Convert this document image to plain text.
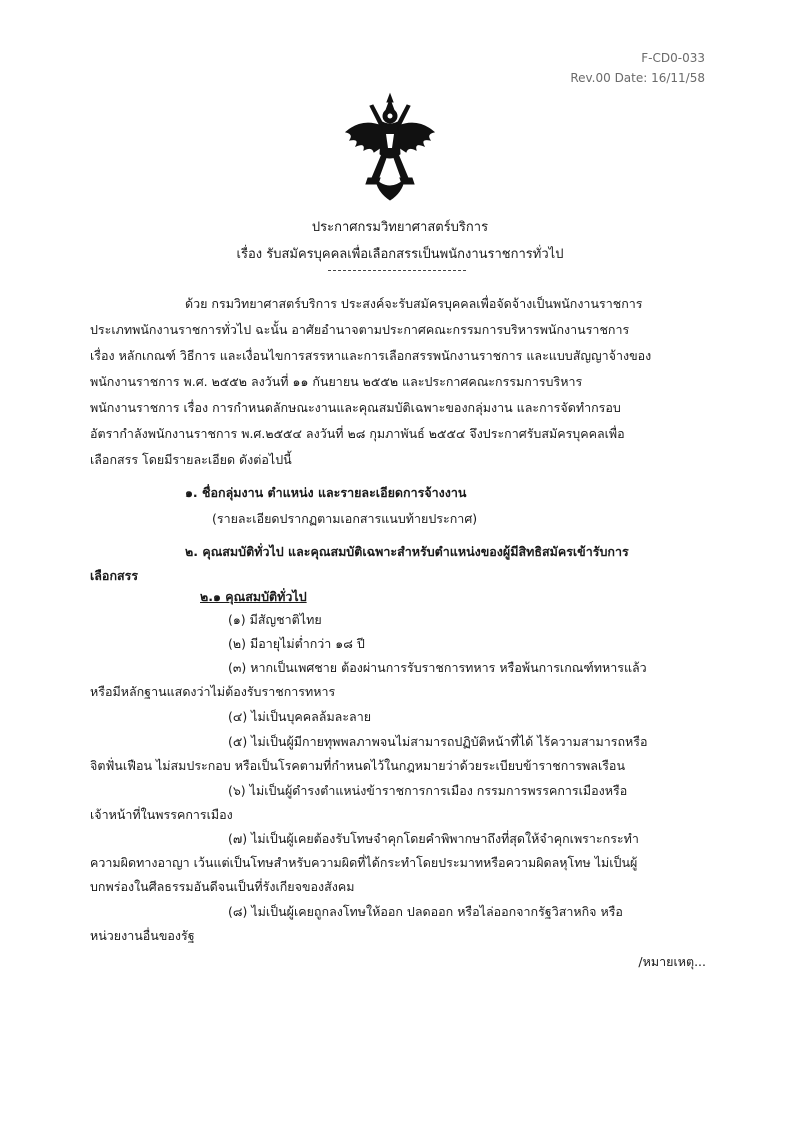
F-CD0-033
Rev.00 Date: 16/11/58
ประกาศกรมวิทยาศาสตร์บริการ
เรื่อง รับสมัครบุคคลเพื่อเลือกสรรเป็นพนักงานราชการทั่วไป
ด้วย กรมวิทยาศาสตร์บริการ ประสงค์จะรับสมัครบุคคลเพื่อจัดจ้างเป็นพนักงานราชการ
ประเภทพนักงานราชการทั่วไป ฉะนั้น อาศัยอำนาจตามประกาศคณะกรรมการบริหารพนักงานราชการ
เรื่อง หลักเกณฑ์ วิธีการ และเงื่อนไขการสรรหาและการเลือกสรรพนักงานราชการ และแบบสัญญาจ้างของ
พนักงานราชการ พ.ศ. ๒๕๕๒ ลงวันที่ ๑๑ กันยายน ๒๕๕๒ และประกาศคณะกรรมการบริหาร
พนักงานราชการ เรื่อง การกำหนดลักษณะงานและคุณสมบัติเฉพาะของกลุ่มงาน และการจัดทำกรอบ
อัตรากำลังพนักงานราชการ พ.ศ.๒๕๕๔ ลงวันที่ ๒๘ กุมภาพันธ์ ๒๕๕๔ จึงประกาศรับสมัครบุคคลเพื่อ
เลือกสรร โดยมีรายละเอียด ดังต่อไปนี้
๑. ชื่อกลุ่มงาน ตำแหน่ง และรายละเอียดการจ้างงาน
(รายละเอียดปรากฏตามเอกสารแนบท้ายประกาศ)
๒. คุณสมบัติทั่วไป และคุณสมบัติเฉพาะสำหรับตำแหน่งของผู้มีสิทธิสมัครเข้ารับการ
เลือกสรร
๒.๑ คุณสมบัติทั่วไป
(๑) มีสัญชาติไทย
(๒) มีอายุไม่ต่ำกว่า ๑๘ ปี
(๓) หากเป็นเพศชาย ต้องผ่านการรับราชการทหาร หรือพ้นการเกณฑ์ทหารแล้ว
หรือมีหลักฐานแสดงว่าไม่ต้องรับราชการทหาร
(๔) ไม่เป็นบุคคลล้มละลาย
(๕) ไม่เป็นผู้มีกายทุพพลภาพจนไม่สามารถปฏิบัติหน้าที่ได้ ไร้ความสามารถหรือ
จิตฟั่นเฟือน ไม่สมประกอบ หรือเป็นโรคตามที่กำหนดไว้ในกฎหมายว่าด้วยระเบียบข้าราชการพลเรือน
(๖) ไม่เป็นผู้ดำรงตำแหน่งข้าราชการการเมือง กรรมการพรรคการเมืองหรือ
เจ้าหน้าที่ในพรรคการเมือง
(๗) ไม่เป็นผู้เคยต้องรับโทษจำคุกโดยคำพิพากษาถึงที่สุดให้จำคุกเพราะกระทำ
ความผิดทางอาญา เว้นแต่เป็นโทษสำหรับความผิดที่ได้กระทำโดยประมาทหรือความผิดลหุโทษ ไม่เป็นผู้
บกพร่องในศีลธรรมอันดีจนเป็นที่รังเกียจของสังคม
(๘) ไม่เป็นผู้เคยถูกลงโทษให้ออก ปลดออก หรือไล่ออกจากรัฐวิสาหกิจ หรือ
หน่วยงานอื่นของรัฐ
/หมายเหตุ...
